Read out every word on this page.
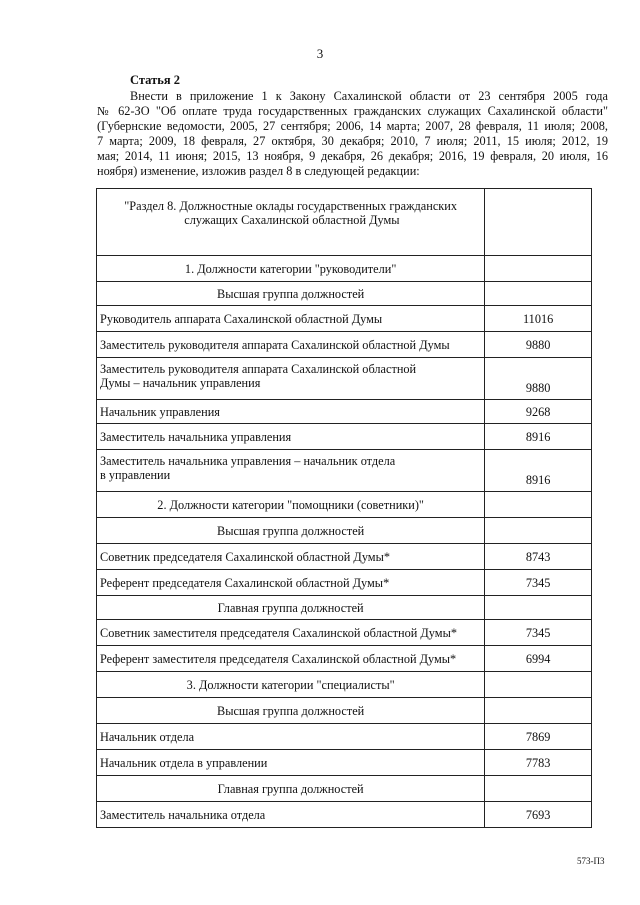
3
Статья 2
Внести в приложение 1 к Закону Сахалинской области от 23 сентября 2005 года
№ 62-ЗО "Об оплате труда государственных гражданских служащих Сахалинской области"
(Губернские ведомости, 2005, 27 сентября; 2006, 14 марта; 2007, 28 февраля, 11 июля; 2008,
7 марта; 2009, 18 февраля, 27 октября, 30 декабря; 2010, 7 июля; 2011, 15 июля; 2012, 19
мая; 2014, 11 июня; 2015, 13 ноября, 9 декабря, 26 декабря; 2016, 19 февраля, 20 июля, 16
ноября) изменение, изложив раздел 8 в следующей редакции:
"Раздел 8. Должностные оклады государственных гражданских
служащих Сахалинской областной Думы	
1. Должности категории "руководители"	
Высшая группа должностей	
Руководитель аппарата Сахалинской областной Думы	11016
Заместитель руководителя аппарата Сахалинской областной Думы	9880
Заместитель руководителя аппарата Сахалинской областной
Думы – начальник управления	9880
Начальник управления	9268
Заместитель начальника управления	8916
Заместитель начальника управления – начальник отдела
в управлении	8916
2. Должности категории "помощники (советники)"	
Высшая группа должностей	
Советник председателя Сахалинской областной Думы*	8743
Референт председателя Сахалинской областной Думы*	7345
Главная группа должностей	
Советник заместителя председателя Сахалинской областной Думы*	7345
Референт заместителя председателя Сахалинской областной Думы*	6994
3. Должности категории "специалисты"	
Высшая группа должностей	
Начальник отдела	7869
Начальник отдела в управлении	7783
Главная группа должностей	
Заместитель начальника отдела	7693
573-П3
